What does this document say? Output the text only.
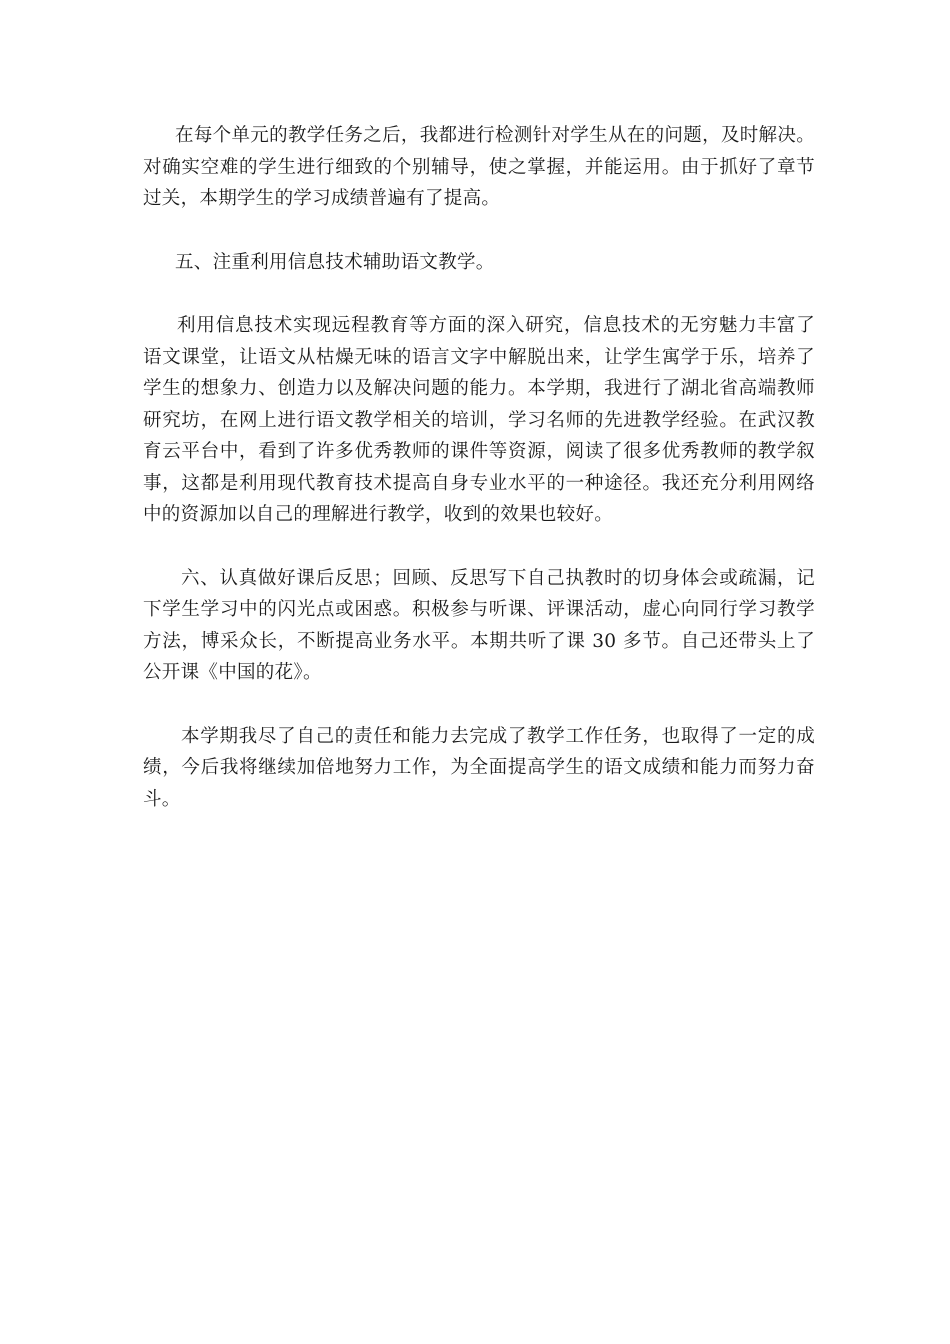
在每个单元的教学任务之后，我都进行检测针对学生从在的问题，及时解决。对确实空难的学生进行细致的个别辅导，使之掌握，并能运用。由于抓好了章节过关，本期学生的学习成绩普遍有了提高。

五、注重利用信息技术辅助语文教学。

利用信息技术实现远程教育等方面的深入研究，信息技术的无穷魅力丰富了语文课堂，让语文从枯燥无味的语言文字中解脱出来，让学生寓学于乐，培养了学生的想象力、创造力以及解决问题的能力。本学期，我进行了湖北省高端教师研究坊，在网上进行语文教学相关的培训，学习名师的先进教学经验。在武汉教育云平台中，看到了许多优秀教师的课件等资源，阅读了很多优秀教师的教学叙事，这都是利用现代教育技术提高自身专业水平的一种途径。我还充分利用网络中的资源加以自己的理解进行教学，收到的效果也较好。

六、认真做好课后反思；回顾、反思写下自己执教时的切身体会或疏漏，记下学生学习中的闪光点或困惑。积极参与听课、评课活动，虚心向同行学习教学方法，博采众长，不断提高业务水平。本期共听了课 30 多节。自己还带头上了公开课《中国的花》。

本学期我尽了自己的责任和能力去完成了教学工作任务，也取得了一定的成绩，今后我将继续加倍地努力工作，为全面提高学生的语文成绩和能力而努力奋斗。
